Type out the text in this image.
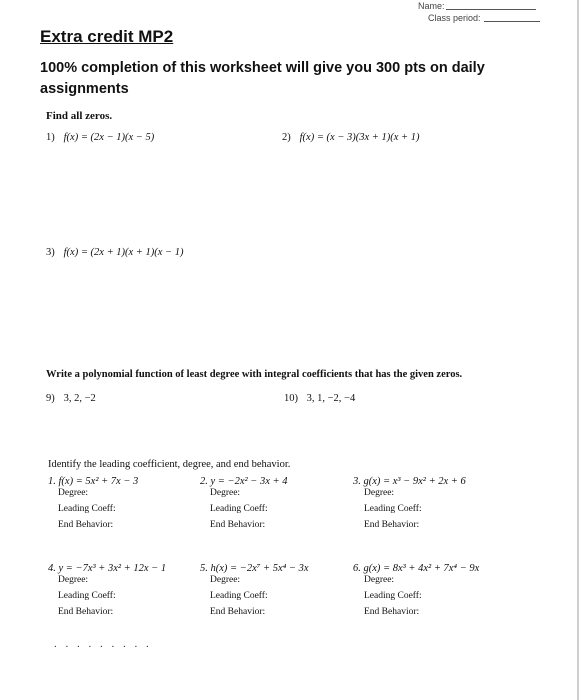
Name:
Class period:
Extra credit MP2
100% completion of this worksheet will give you 300 pts on daily assignments
Find all zeros.
1) f(x) = (2x − 1)(x − 5)	2) f(x) = (x − 3)(3x + 1)(x + 1)
3) f(x) = (2x + 1)(x + 1)(x − 1)
Write a polynomial function of least degree with integral coefficients that has the given zeros.
9) 3, 2, −2	10) 3, 1, −2, −4
Identify the leading coefficient, degree, and end behavior.
1. f(x) = 5x² + 7x − 3
Degree:
Leading Coeff:
End Behavior:
2. y = −2x² − 3x + 4
Degree:
Leading Coeff:
End Behavior:
3. g(x) = x³ − 9x² + 2x + 6
Degree:
Leading Coeff:
End Behavior:
4. y = −7x³ + 3x² + 12x − 1
Degree:
Leading Coeff:
End Behavior:
5. h(x) = −2x⁷ + 5x⁴ − 3x
Degree:
Leading Coeff:
End Behavior:
6. g(x) = 8x³ + 4x² + 7x⁴ − 9x
Degree:
Leading Coeff:
End Behavior:
. . . . . . . . .
